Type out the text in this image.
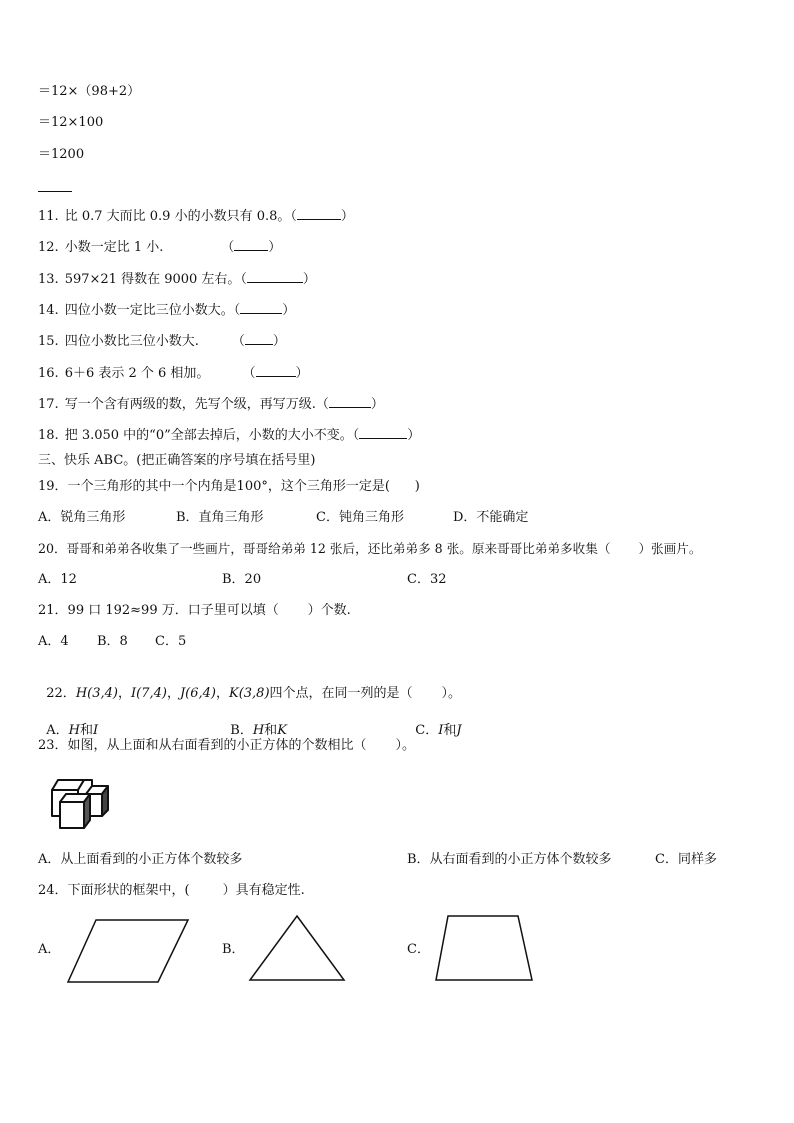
＝12×（98+2）
＝12×100
＝1200
11. 比 0.7 大而比 0.9 小的小数只有 0.8。（	）
12. 小数一定比 1 小.              （	）
13. 597×21 得数在 9000 左右。（	）
14. 四位小数一定比三位小数大。（	）
15. 四位小数比三位小数大.        （ ）
16. 6＋6 表示 2 个 6 相加。        （	）
17. 写一个含有两级的数，先写个级，再写万级.（	）
18. 把 3.050 中的“0”全部去掉后，小数的大小不变。（	）
三、快乐 ABC。(把正确答案的序号填在括号里)
19．一个三角形的其中一个内角是100°，这个三角形一定是(      )
A．锐角三角形	B．直角三角形	C．钝角三角形	D．不能确定
20．哥哥和弟弟各收集了一些画片，哥哥给弟弟 12 张后，还比弟弟多 8 张。原来哥哥比弟弟多收集（       ）张画片。
A．12	B．20	C．32
21．99 口 192≈99 万．口子里可以填（       ）个数.
A．4 B．8 C．5

22．H(3,4)，I(7,4)，J(6,4)，K(3,8)四个点，在同一列的是（       ）。

A．H和I	B．H和K	C．I和J

23．如图，从上面和从右面看到的小正方体的个数相比（       ）。
A．从上面看到的小正方体个数较多	B．从右面看到的小正方体个数较多	C．同样多
24．下面形状的框架中，(        ）具有稳定性.
A．	B．	C．
